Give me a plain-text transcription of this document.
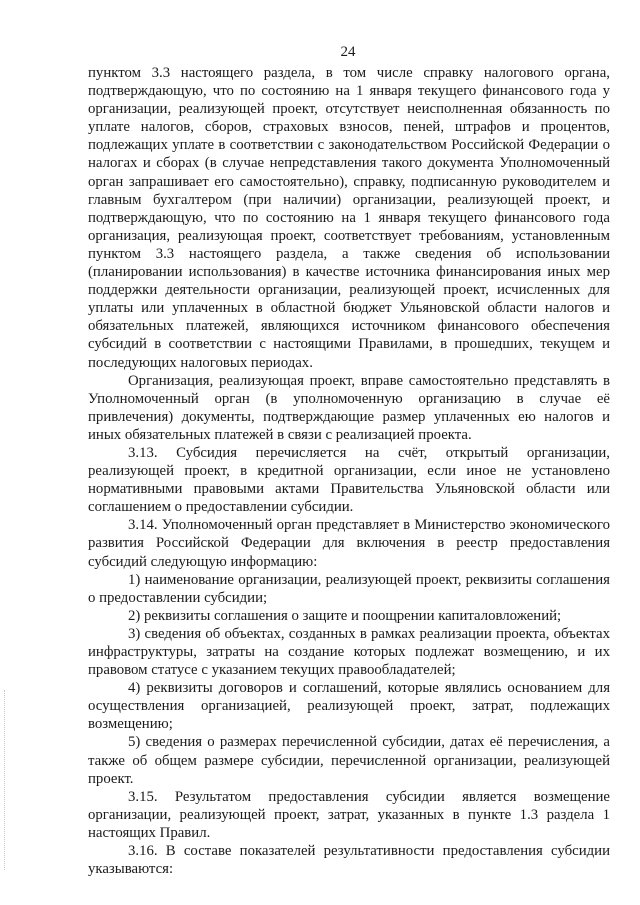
24

пунктом 3.3 настоящего раздела, в том числе справку налогового органа, подтверждающую, что по состоянию на 1 января текущего финансового года у организации, реализующей проект, отсутствует неисполненная обязанность по уплате налогов, сборов, страховых взносов, пеней, штрафов и процентов, подлежащих уплате в соответствии с законодательством Российской Федерации о налогах и сборах (в случае непредставления такого документа Уполномоченный орган запрашивает его самостоятельно), справку, подписанную руководителем и главным бухгалтером (при наличии) организации, реализующей проект, и подтверждающую, что по состоянию на 1 января текущего финансового года организация, реализующая проект, соответствует требованиям, установленным пунктом 3.3 настоящего раздела, а также сведения об использовании (планировании использования) в качестве источника финансирования иных мер поддержки деятельности организации, реализующей проект, исчисленных для уплаты или уплаченных в областной бюджет Ульяновской области налогов и обязательных платежей, являющихся источником финансового обеспечения субсидий в соответствии с настоящими Правилами, в прошедших, текущем и последующих налоговых периодах.

Организация, реализующая проект, вправе самостоятельно представлять в Уполномоченный орган (в уполномоченную организацию в случае её привлечения) документы, подтверждающие размер уплаченных ею налогов и иных обязательных платежей в связи с реализацией проекта.

3.13. Субсидия перечисляется на счёт, открытый организации, реализующей проект, в кредитной организации, если иное не установлено нормативными правовыми актами Правительства Ульяновской области или соглашением о предоставлении субсидии.

3.14. Уполномоченный орган представляет в Министерство экономического развития Российской Федерации для включения в реестр предоставления субсидий следующую информацию:

1) наименование организации, реализующей проект, реквизиты соглашения о предоставлении субсидии;

2) реквизиты соглашения о защите и поощрении капиталовложений;

3) сведения об объектах, созданных в рамках реализации проекта, объектах инфраструктуры, затраты на создание которых подлежат возмещению, и их правовом статусе с указанием текущих правообладателей;

4) реквизиты договоров и соглашений, которые являлись основанием для осуществления организацией, реализующей проект, затрат, подлежащих возмещению;

5) сведения о размерах перечисленной субсидии, датах её перечисления, а также об общем размере субсидии, перечисленной организации, реализующей проект.

3.15. Результатом предоставления субсидии является возмещение организации, реализующей проект, затрат, указанных в пункте 1.3 раздела 1 настоящих Правил.

3.16. В составе показателей результативности предоставления субсидии указываются:
